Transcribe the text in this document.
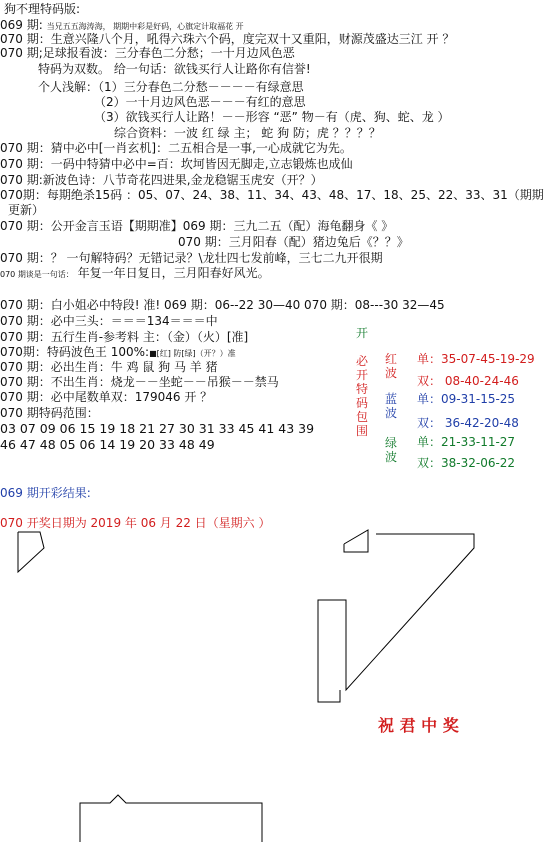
狗不理特码版:
069 期: 当兄五五海涛海， 期期中彩是好码，心旗定计取福花 开
070 期：生意兴隆八个月，吼得六珠六个码，度完双十又重阳，财源茂盛达三江 开 ？
070 期;足球报看波：三分春色二分愁；一十月边风色恶
特码为双数。 给一句话：欲钱买行人让路你有信誉!
个人浅解：（1）三分春色二分愁－－－－有绿意思
（2）一十月边风色恶－－－有红的意思
（3）欲钱买行人让路！－－形容 “恶” 物－有（虎、狗、蛇、龙 ）
综合资料：一波 红 绿 主； 蛇 狗 防；虎 ？？？？
070 期：猜中必中[一肖玄机]：二五相合是一事,一心成就它为先。
070 期：一码中特猜中必中=百：坎坷皆因无脚走,立志锻炼也成仙
070 期:新波色诗：八节奇花四进果,金龙稳锯玉虎安（开？）
070期：每期绝杀15码 ：05、07、24、38、11、34、43、48、17、18、25、22、33、31（期期
更新）
070 期：公开金言玉语【期期准】069 期：三九二五（配）海龟翻身《 》
070 期：三月阳春（配）猪边兔后《？？》
070 期：？ 一句解特码？无错记录？\龙壮四七发前峰，三七二九开很期
070 期谈是一句话： 年复一年日复日，三月阳春好风光。
070 期：白小姐必中特段! 准! 069 期：06--22 30—40 070 期：08---30 32—45
070 期：必中三头：＝＝＝134＝＝＝中
070 期：五行生肖-参考料 主：（金）（火）[准]
070期：特码波色王 100%:■[红] 防[绿]（开？）准
070 期：必出生肖：牛 鸡 鼠 狗 马 羊 猪
070 期：不出生肖：烧龙－－坐蛇－－吊猴－－禁马
070 期：必中尾数单双：179046 开 ？
070 期特码范围：
03 07 09 06 15 19 18 21 27 30 31 33 45 41 43 39
46 47 48 05 06 14 19 20 33 48 49
开
必开特码包围
红波
蓝波
绿波
单：35-07-45-19-29
双： 08-40-24-46
单：09-31-15-25
双： 36-42-20-48
单：21-33-11-27
双：38-32-06-22
069 期开彩结果:
070 开奖日期为 2019 年 06 月 22 日（星期六 ）
祝 君 中 奖
